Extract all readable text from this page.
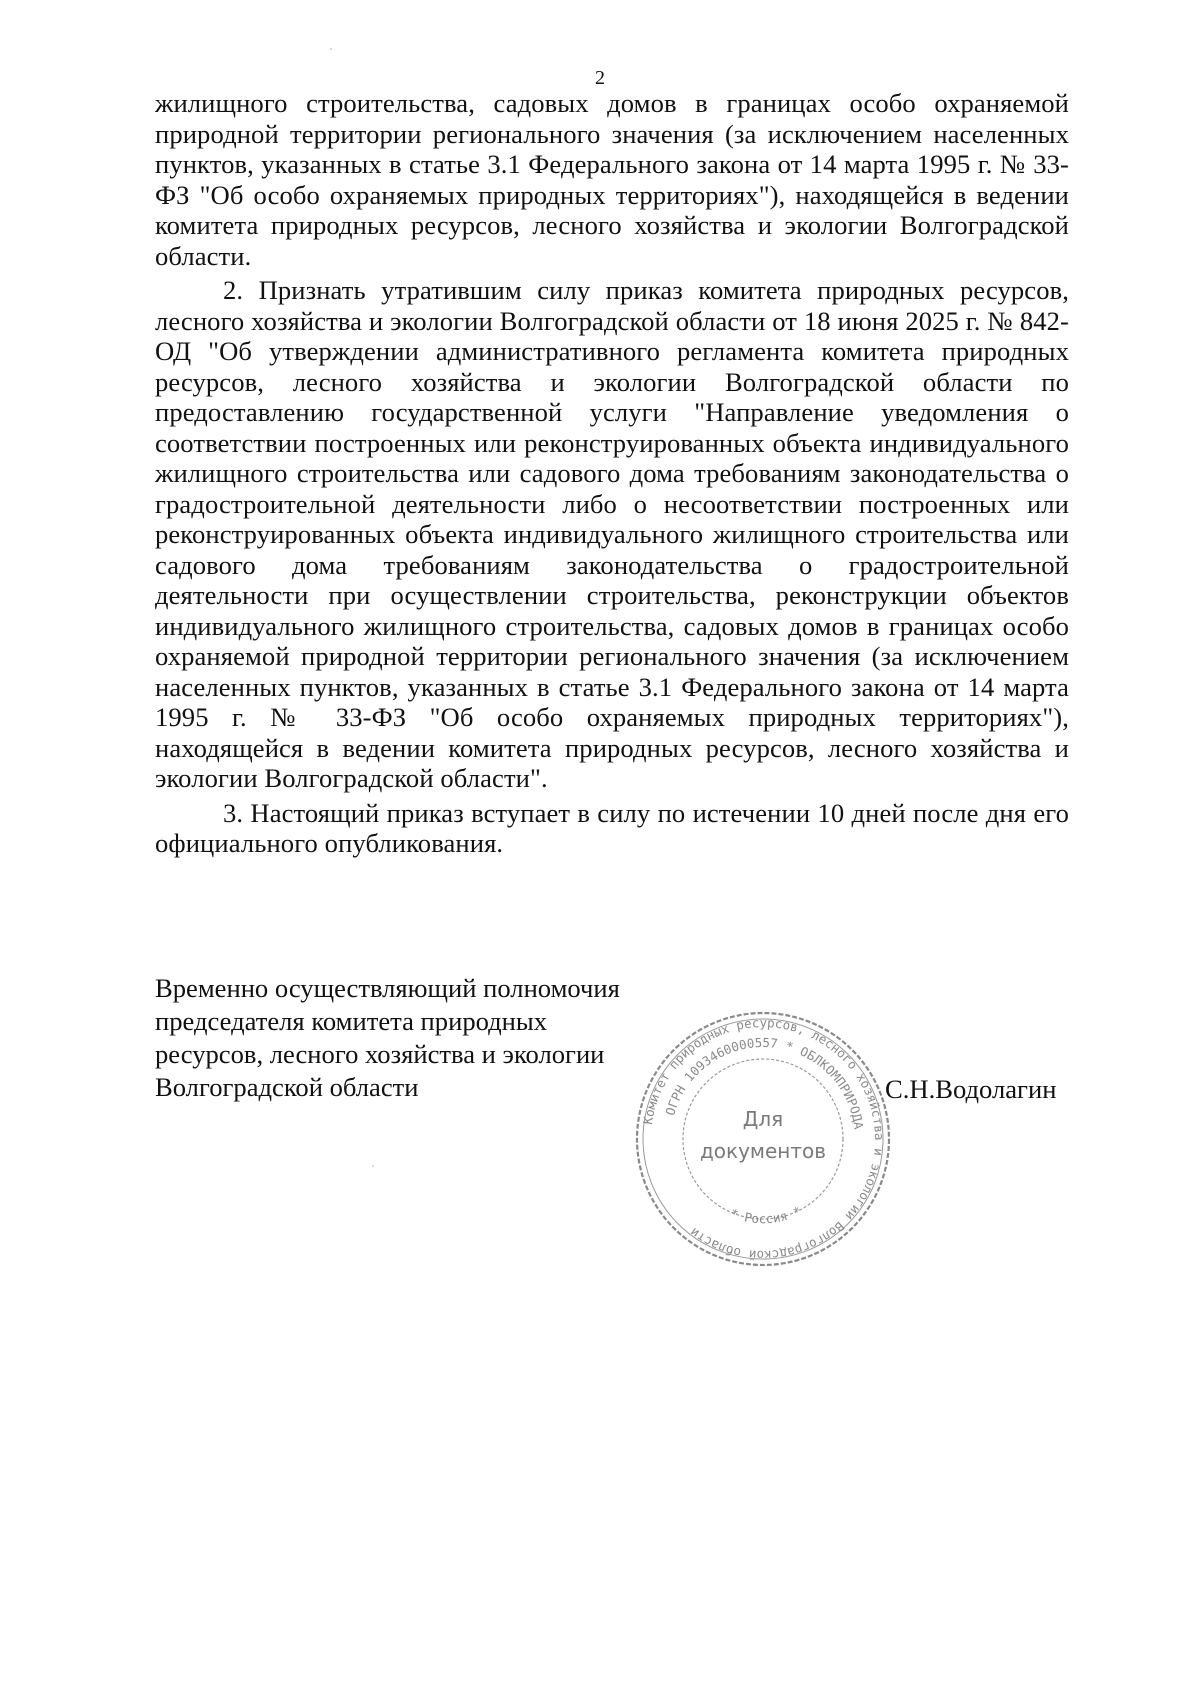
2

жилищного строительства, садовых домов в границах особо охраняемой природной территории регионального значения (за исключением населенных пунктов, указанных в статье 3.1 Федерального закона от 14 марта 1995 г. № 33-ФЗ "Об особо охраняемых природных территориях"), находящейся в ведении комитета природных ресурсов, лесного хозяйства и экологии Волгоградской области.

2. Признать утратившим силу приказ комитета природных ресурсов, лесного хозяйства и экологии Волгоградской области от 18 июня 2025 г. № 842-ОД "Об утверждении административного регламента комитета природных ресурсов, лесного хозяйства и экологии Волгоградской области по предоставлению государственной услуги "Направление уведомления о соответствии построенных или реконструированных объекта индивидуального жилищного строительства или садового дома требованиям законодательства о градостроительной деятельности либо о несоответствии построенных или реконструированных объекта индивидуального жилищного строительства или садового дома требованиям законодательства о градостроительной деятельности при осуществлении строительства, реконструкции объектов индивидуального жилищного строительства, садовых домов в границах особо охраняемой природной территории регионального значения (за исключением населенных пунктов, указанных в статье 3.1 Федерального закона от 14 марта 1995 г. № 33-ФЗ "Об особо охраняемых природных территориях"), находящейся в ведении комитета природных ресурсов, лесного хозяйства и экологии Волгоградской области".

3. Настоящий приказ вступает в силу по истечении 10 дней после дня его официального опубликования.

Временно осуществляющий полномочия
председателя комитета природных
ресурсов, лесного хозяйства и экологии
Волгоградской области	С.Н.Водолагин
Комитет природных ресурсов, лесного хозяйства и экологии Волгоградской области
ОГРН 1093460000557 * ОБЛКОМПРИРОДА
* Россия *
Для
документов
